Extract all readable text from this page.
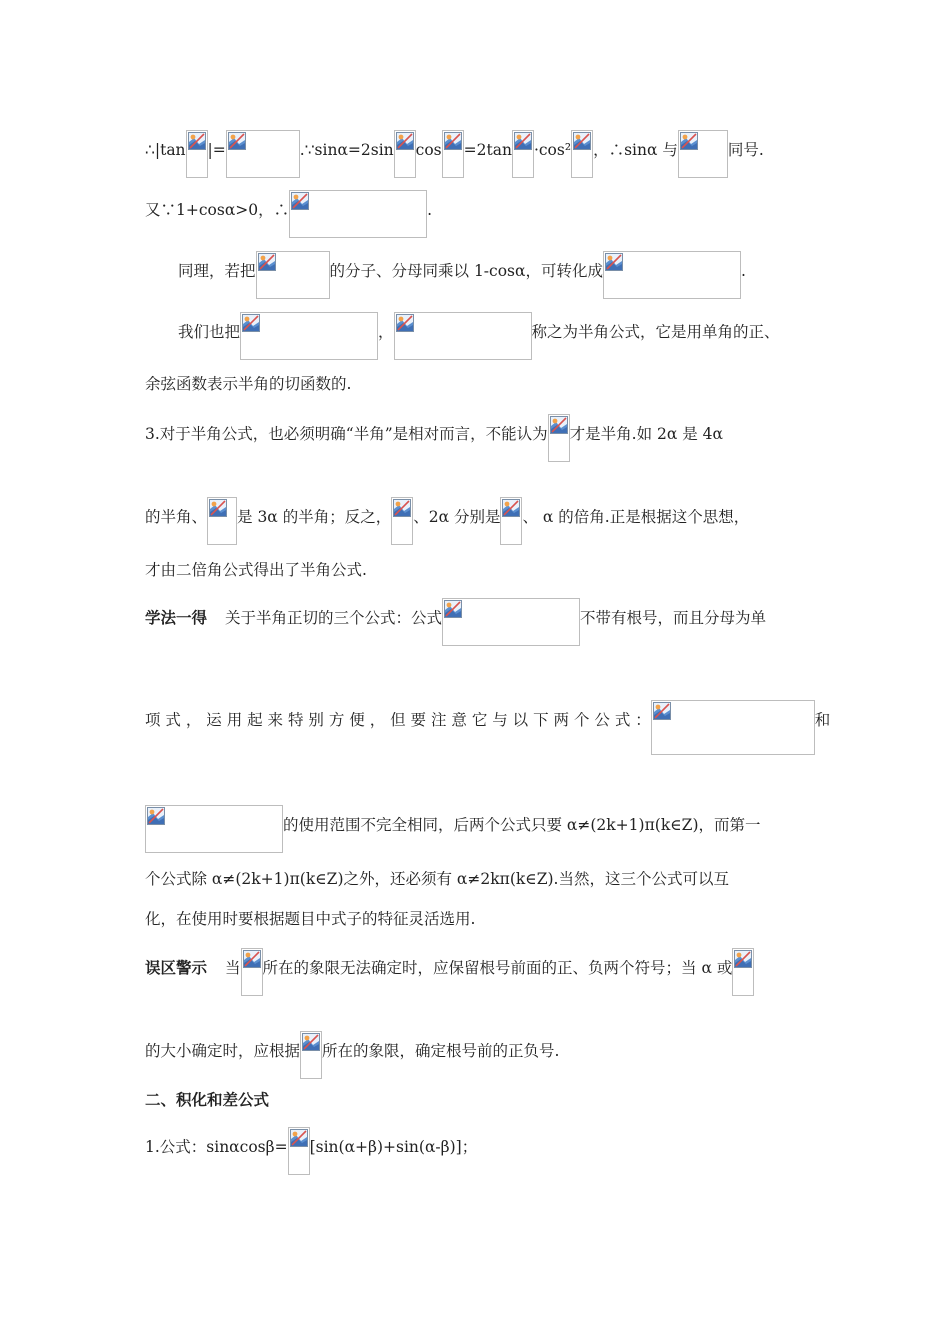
∴|tan |=	.∵sinα=2sin cos =2tan ·cos² ，∴sinα 与	同号.
又∵1+cosα>0，∴	.
同理，若把	的分子、分母同乘以 1-cosα，可转化成	.
我们也把	，	称之为半角公式，它是用单角的正、
余弦函数表示半角的切函数的.
3.对于半角公式，也必须明确“半角”是相对而言，不能认为 才是半角.如 2α 是 4α
的半角、 是 3α 的半角；反之， 、2α 分别是 、 α 的倍角.正是根据这个思想，
才由二倍角公式得出了半角公式.
学法一得 关于半角正切的三个公式：公式	不带有根号，而且分母为单
项 式 ， 运 用 起 来 特 别 方 便 ， 但 要 注 意 它 与 以 下 两 个 公 式 ：	和
的使用范围不完全相同，后两个公式只要 α≠(2k+1)π(k∈Z)，而第一
个公式除 α≠(2k+1)π(k∈Z)之外，还必须有 α≠2kπ(k∈Z).当然，这三个公式可以互
化，在使用时要根据题目中式子的特征灵活选用.
误区警示 当 所在的象限无法确定时，应保留根号前面的正、负两个符号；当 α 或
的大小确定时，应根据 所在的象限，确定根号前的正负号.
二、积化和差公式
1.公式：sinαcosβ= [sin(α+β)+sin(α-β)]；
